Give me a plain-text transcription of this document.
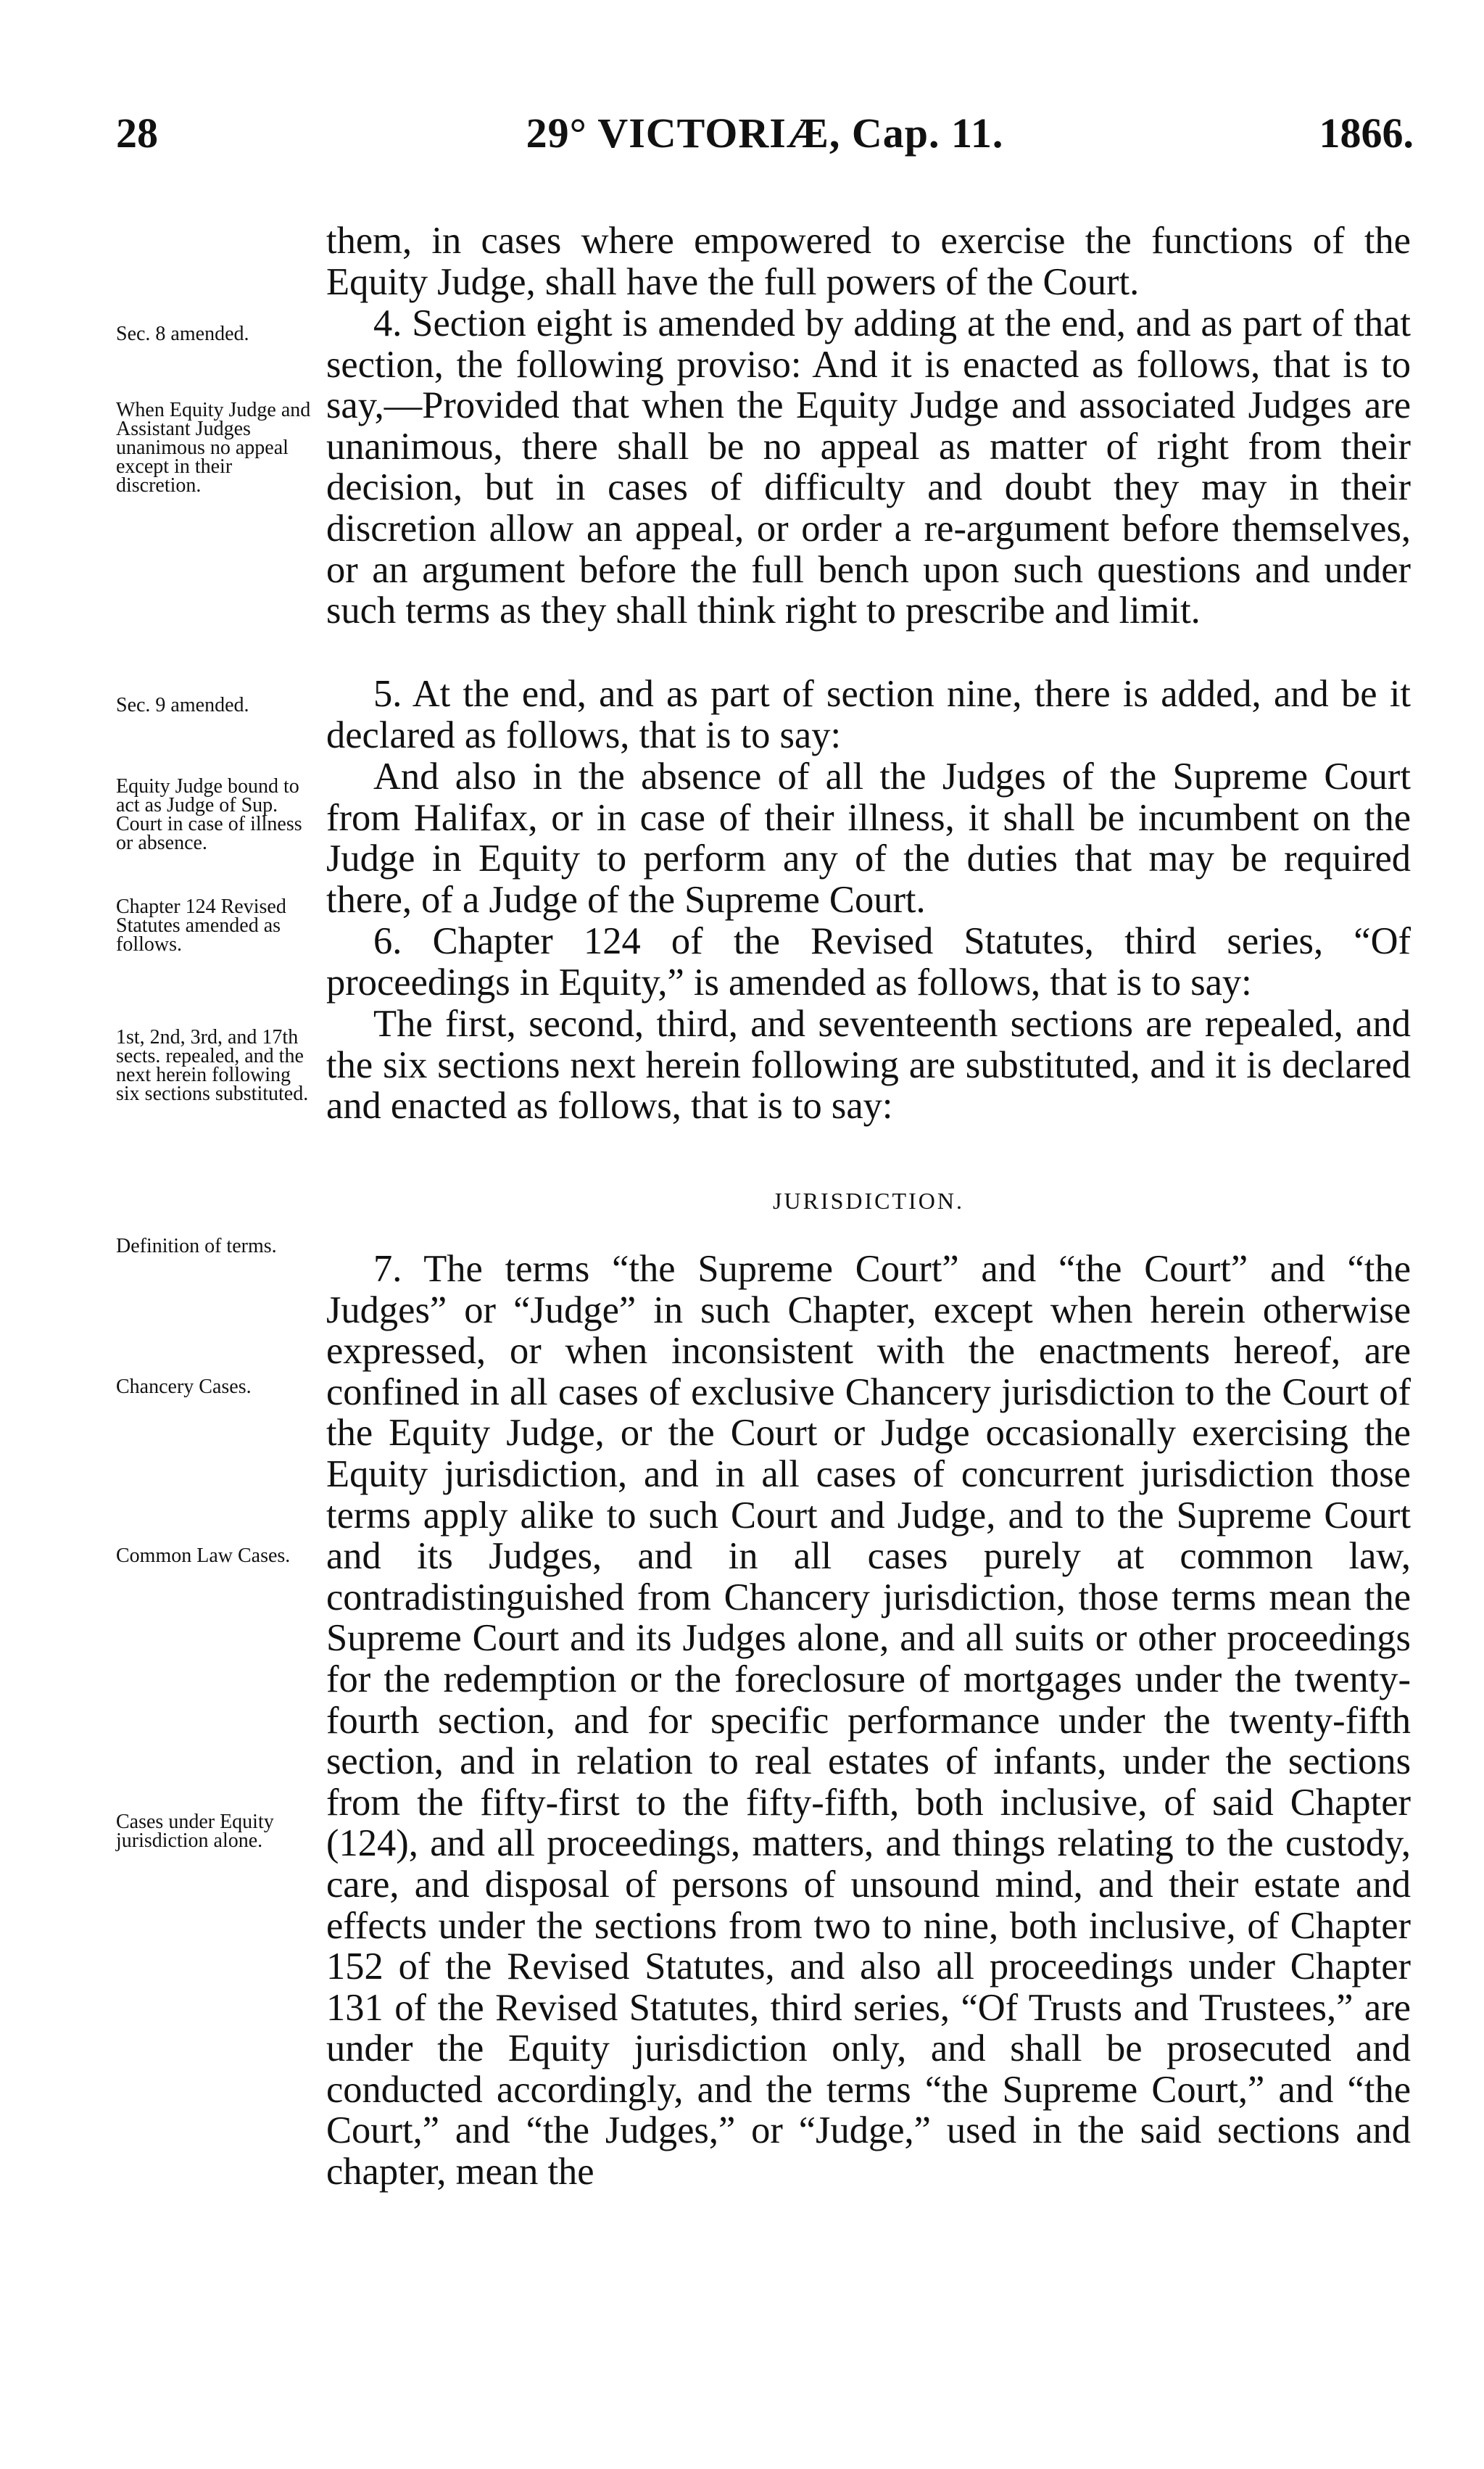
28	29° VICTORIÆ, Cap. 11.	1866.

them, in cases where empowered to exercise the functions of the Equity Judge, shall have the full powers of the Court.

4. Section eight is amended by adding at the end, and as part of that section, the following proviso: And it is enacted as follows, that is to say,—Provided that when the Equity Judge and associated Judges are unanimous, there shall be no appeal as matter of right from their decision, but in cases of difficulty and doubt they may in their discretion allow an appeal, or order a re-argument before themselves, or an argument before the full bench upon such questions and under such terms as they shall think right to prescribe and limit.

5. At the end, and as part of section nine, there is added, and be it declared as follows, that is to say:

And also in the absence of all the Judges of the Supreme Court from Halifax, or in case of their illness, it shall be incumbent on the Judge in Equity to perform any of the duties that may be required there, of a Judge of the Supreme Court.

6. Chapter 124 of the Revised Statutes, third series, “Of proceedings in Equity,” is amended as follows, that is to say:

The first, second, third, and seventeenth sections are repealed, and the six sections next herein following are substituted, and it is declared and enacted as follows, that is to say:

JURISDICTION.

7. The terms “the Supreme Court” and “the Court” and “the Judges” or “Judge” in such Chapter, except when herein otherwise expressed, or when inconsistent with the enactments hereof, are confined in all cases of exclusive Chancery jurisdiction to the Court of the Equity Judge, or the Court or Judge occasionally exercising the Equity jurisdiction, and in all cases of concurrent jurisdiction those terms apply alike to such Court and Judge, and to the Supreme Court and its Judges, and in all cases purely at common law, contradistinguished from Chancery jurisdiction, those terms mean the Supreme Court and its Judges alone, and all suits or other proceedings for the redemption or the foreclosure of mortgages under the twenty-fourth section, and for specific performance under the twenty-fifth section, and in relation to real estates of infants, under the sections from the fifty-first to the fifty-fifth, both inclusive, of said Chapter (124), and all proceedings, matters, and things relating to the custody, care, and disposal of persons of unsound mind, and their estate and effects under the sections from two to nine, both inclusive, of Chapter 152 of the Revised Statutes, and also all proceedings under Chapter 131 of the Revised Statutes, third series, “Of Trusts and Trustees,” are under the Equity jurisdiction only, and shall be prosecuted and conducted accordingly, and the terms “the Supreme Court,” and “the Court,” and “the Judges,” or “Judge,” used in the said sections and chapter, mean the

Sec. 8 amended.
When Equity Judge and Assistant Judges unanimous no appeal except in their discretion.
Sec. 9 amended.
Equity Judge bound to act as Judge of Sup. Court in case of illness or absence.
Chapter 124 Revised Statutes amended as follows.
1st, 2nd, 3rd, and 17th sects. repealed, and the next herein following six sections substituted.
Definition of terms.
Chancery Cases.
Common Law Cases.
Cases under Equity jurisdiction alone.
